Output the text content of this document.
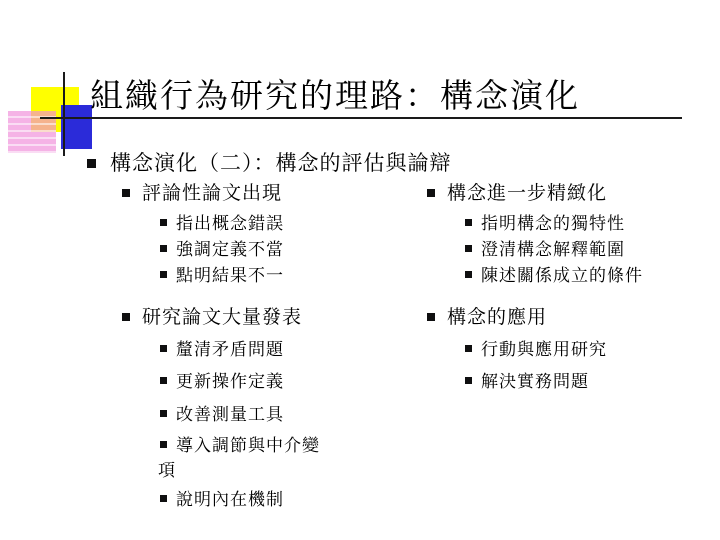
組織行為研究的理路：構念演化
構念演化（二）：構念的評估與論辯
評論性論文出現
指出概念錯誤
強調定義不當
點明結果不一
研究論文大量發表
釐清矛盾問題
更新操作定義
改善測量工具
導入調節與中介變
項
說明內在機制
構念進一步精緻化
指明構念的獨特性
澄清構念解釋範圍
陳述關係成立的條件
構念的應用
行動與應用研究
解決實務問題
